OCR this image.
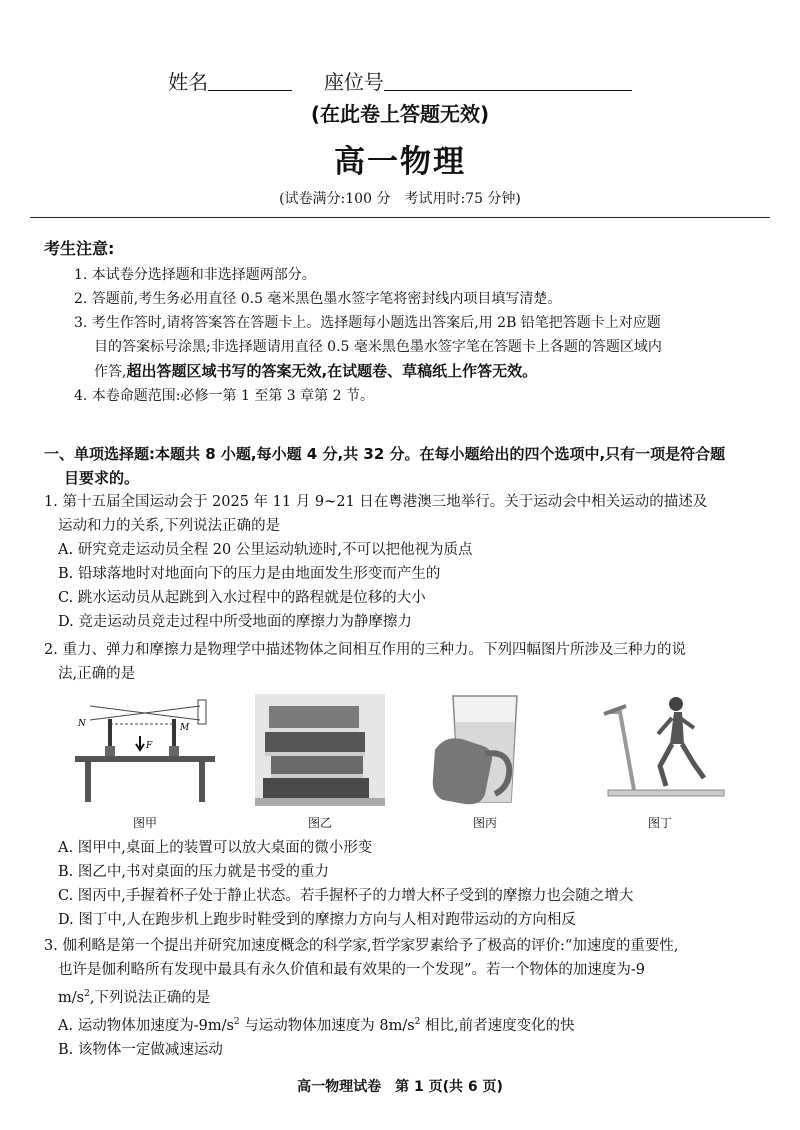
姓名	座位号
(在此卷上答题无效)
高一物理
(试卷满分:100 分　考试用时:75 分钟)
考生注意:

1. 本试卷分选择题和非选择题两部分。

2. 答题前,考生务必用直径 0.5 毫米黑色墨水签字笔将密封线内项目填写清楚。

3. 考生作答时,请将答案答在答题卡上。选择题每小题选出答案后,用 2B 铅笔把答题卡上对应题

目的答案标号涂黑;非选择题请用直径 0.5 毫米黑色墨水签字笔在答题卡上各题的答题区域内

作答,超出答题区域书写的答案无效,在试题卷、草稿纸上作答无效。

4. 本卷命题范围:必修一第 1 至第 3 章第 2 节。

一、单项选择题:本题共 8 小题,每小题 4 分,共 32 分。在每小题给出的四个选项中,只有一项是符合题
目要求的。

1. 第十五届全国运动会于 2025 年 11 月 9~21 日在粤港澳三地举行。关于运动会中相关运动的描述及

运动和力的关系,下列说法正确的是

A. 研究竞走运动员全程 20 公里运动轨迹时,不可以把他视为质点

B. 铅球落地时对地面向下的压力是由地面发生形变而产生的

C. 跳水运动员从起跳到入水过程中的路程就是位移的大小

D. 竞走运动员竞走过程中所受地面的摩擦力为静摩擦力

2. 重力、弹力和摩擦力是物理学中描述物体之间相互作用的三种力。下列四幅图片所涉及三种力的说

法,正确的是

F
N	M
图甲	图乙	图丙	图丁

A. 图甲中,桌面上的装置可以放大桌面的微小形变

B. 图乙中,书对桌面的压力就是书受的重力

C. 图丙中,手握着杯子处于静止状态。若手握杯子的力增大杯子受到的摩擦力也会随之增大

D. 图丁中,人在跑步机上跑步时鞋受到的摩擦力方向与人相对跑带运动的方向相反

3. 伽利略是第一个提出并研究加速度概念的科学家,哲学家罗素给予了极高的评价:“加速度的重要性,

也许是伽利略所有发现中最具有永久价值和最有效果的一个发现”。若一个物体的加速度为-9

$m/s^2$,下列说法正确的是

A. 运动物体加速度为$-9m/s^2$ 与运动物体加速度为 $8m/s^2$ 相比,前者速度变化的快

B. 该物体一定做减速运动

高一物理试卷　第 1 页(共 6 页)
